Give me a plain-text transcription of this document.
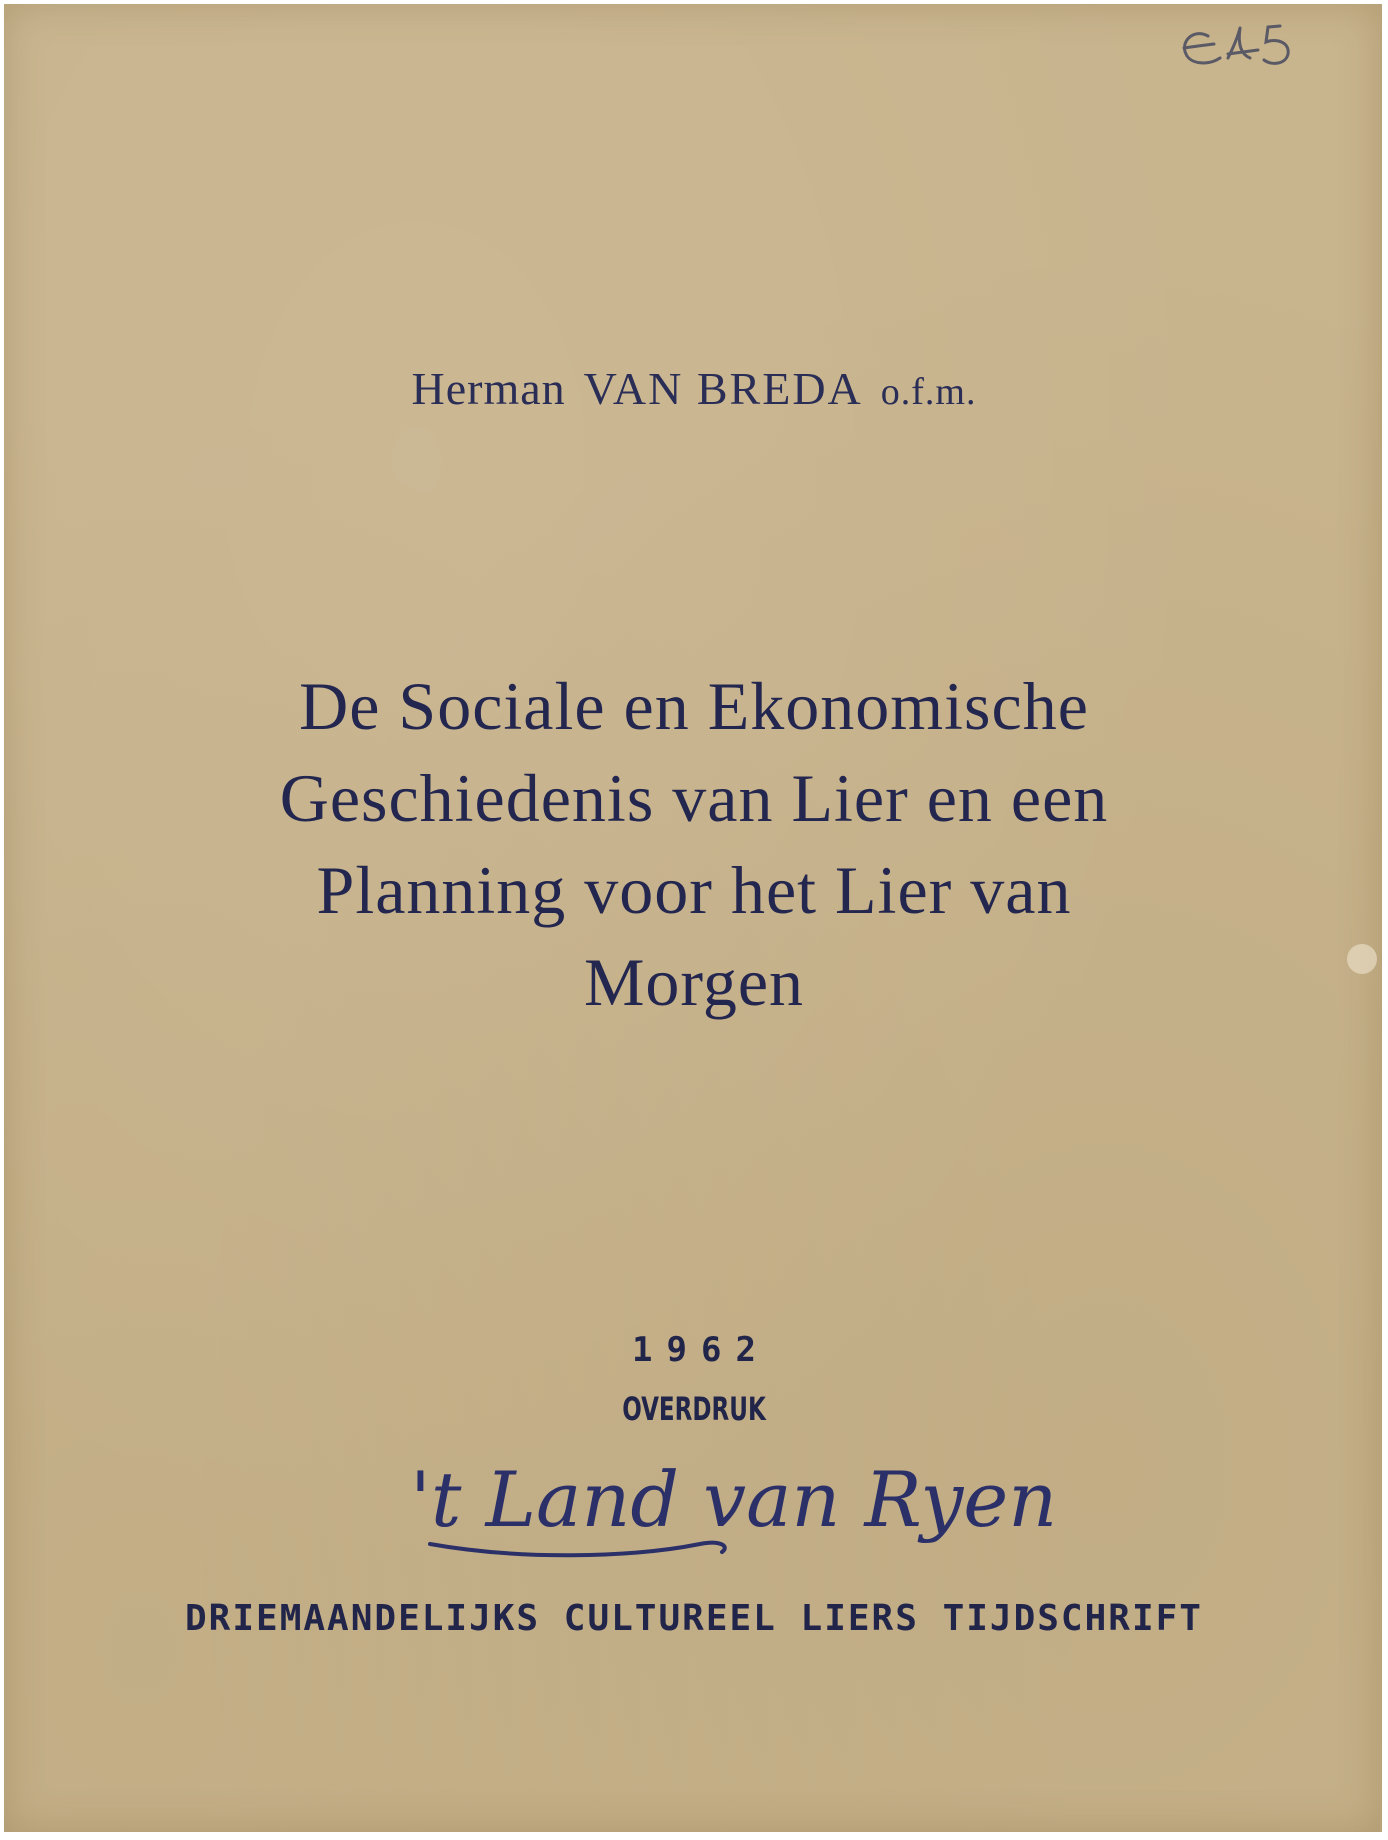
Herman VAN BREDA o.f.m.
De Sociale en Ekonomische
Geschiedenis van Lier en een
Planning voor het Lier van
Morgen
1962
OVERDRUK
't Land van Ryen
DRIEMAANDELIJKS CULTUREEL LIERS TIJDSCHRIFT
